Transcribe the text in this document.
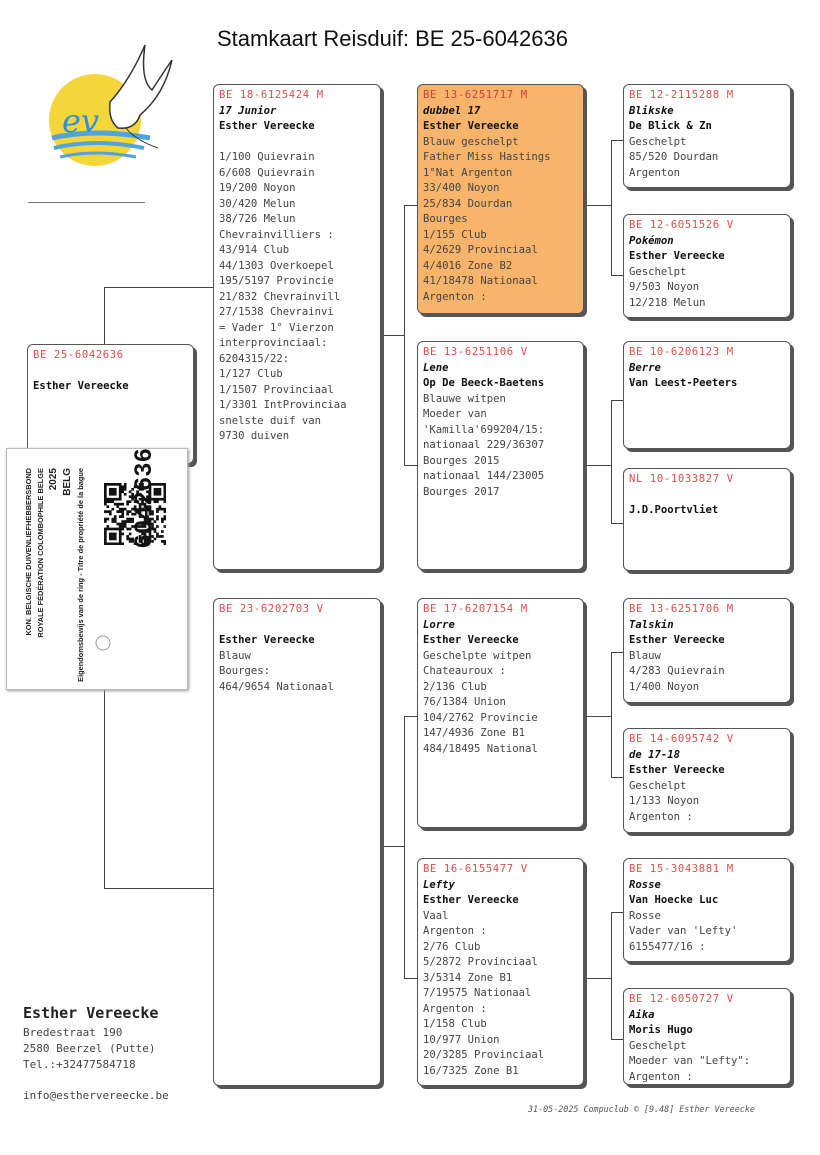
Stamkaart Reisduif: BE 25-6042636
ev
BE 25-6042636

Esther Vereecke
BE 18-6125424 M
17 Junior
Esther Vereecke

1/100 Quievrain
6/608 Quievrain
19/200 Noyon
30/420 Melun
38/726 Melun
Chevrainvilliers :
43/914 Club
44/1303 Overkoepel
195/5197 Provincie
21/832 Chevrainvill
27/1538 Chevrainvi
= Vader 1° Vierzon
interprovinciaal:
6204315/22:
1/127 Club
1/1507 Provinciaal
1/3301 IntProvinciaa
snelste duif van
9730 duiven
BE 23-6202703 V

Esther Vereecke
Blauw
Bourges:
464/9654 Nationaal
BE 13-6251717 M
dubbel 17
Esther Vereecke
Blauw geschelpt
Father Miss Hastings
1°Nat Argenton
33/400 Noyon
25/834 Dourdan
Bourges
1/155 Club
4/2629 Provinciaal
4/4016 Zone B2
41/18478 Nationaal
Argenton :
BE 13-6251106 V
Lene
Op De Beeck-Baetens
Blauwe witpen
Moeder van
'Kamilla'699204/15:
nationaal 229/36307
Bourges 2015
nationaal 144/23005
Bourges 2017
BE 17-6207154 M
Lorre
Esther Vereecke
Geschelpte witpen
Chateauroux :
2/136 Club
76/1384 Union
104/2762 Provincie
147/4936 Zone B1
484/18495 National
BE 16-6155477 V
Lefty
Esther Vereecke
Vaal
Argenton :
2/76 Club
5/2872 Provinciaal
3/5314 Zone B1
7/19575 Nationaal
Argenton :
1/158 Club
10/977 Union
20/3285 Provinciaal
16/7325 Zone B1
BE 12-2115288 M
Blikske
De Blick & Zn
Geschelpt
85/520 Dourdan
Argenton
BE 12-6051526 V
Pokémon
Esther Vereecke
Geschelpt
9/503 Noyon
12/218 Melun
BE 10-6206123 M
Berre
Van Leest-Peeters
NL 10-1033827 V

J.D.Poortvliet
BE 13-6251706 M
Talskin
Esther Vereecke
Blauw
4/283 Quievrain
1/400 Noyon
BE 14-6095742 V
de 17-18
Esther Vereecke
Geschelpt
1/133 Noyon
Argenton :
BE 15-3043881 M
Rosse
Van Hoecke Luc
Rosse
Vader van 'Lefty'
6155477/16 :
BE 12-6050727 V
Aika
Moris Hugo
Geschelpt
Moeder van "Lefty":
Argenton :
KON. BELGISCHE DUIVENLIEFHEBBERSBOND ROYALE FÉDÉRATION COLOMBOPHILE BELGE 2025 BELG Eigendomsbewijs van de ring - Titre de propriété de la bague 6042636
Esther Vereecke
Bredestraat 190
2580 Beerzel (Putte)
Tel.:+32477584718
info@esthervereecke.be
31-05-2025 Compuclub © [9.48] Esther Vereecke
